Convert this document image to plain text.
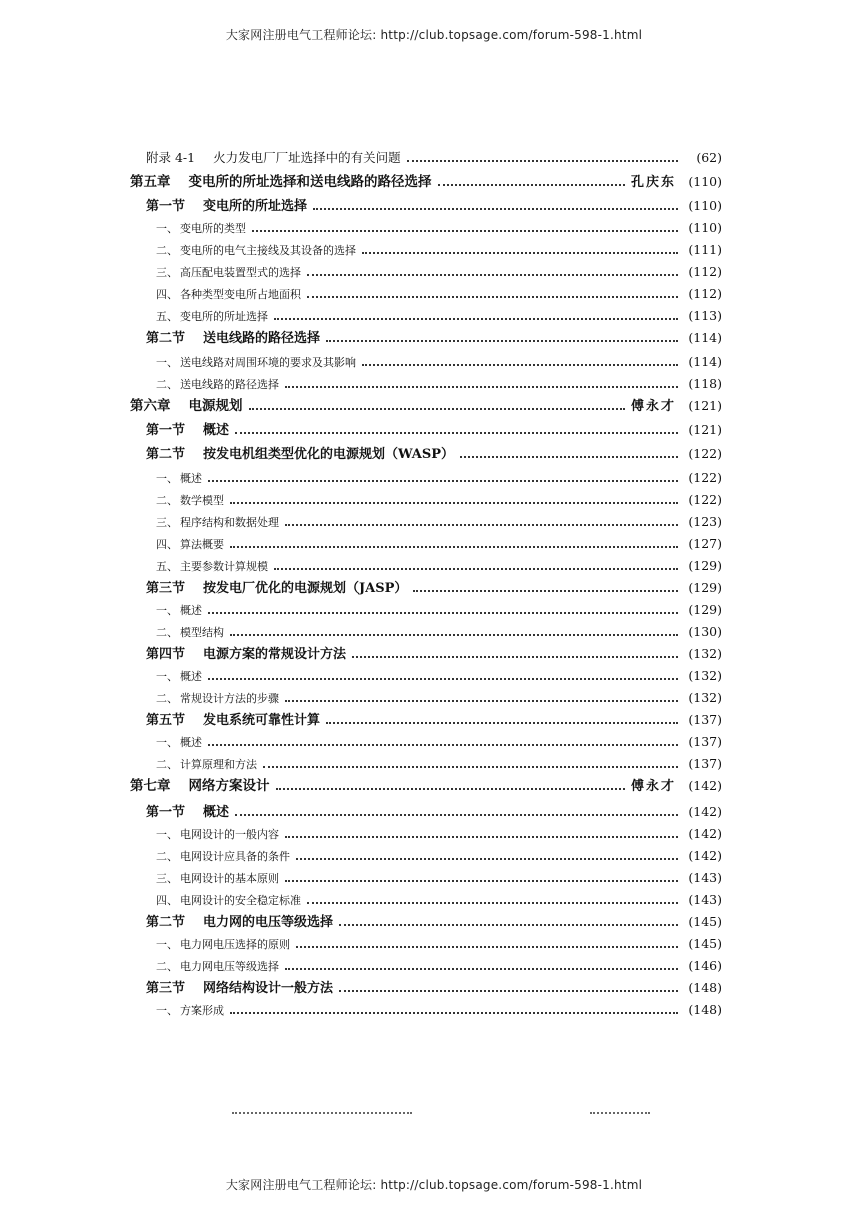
大家网注册电气工程师论坛: http://club.topsage.com/forum-598-1.html
附录 4-1 火力发电厂厂址选择中的有关问题	(62)
第五章 变电所的所址选择和送电线路的路径选择	孔庆东 (110)
第一节 变电所的所址选择	(110)
一、 变电所的类型	(110)
二、 变电所的电气主接线及其设备的选择	(111)
三、 高压配电装置型式的选择	(112)
四、 各种类型变电所占地面积	(112)
五、 变电所的所址选择	(113)
第二节 送电线路的路径选择	(114)
一、 送电线路对周围环境的要求及其影响	(114)
二、 送电线路的路径选择	(118)
第六章 电源规划	傅永才 (121)
第一节 概述	(121)
第二节 按发电机组类型优化的电源规划（WASP）	(122)
一、 概述	(122)
二、 数学模型	(122)
三、 程序结构和数据处理	(123)
四、 算法概要	(127)
五、 主要参数计算规模	(129)
第三节 按发电厂优化的电源规划（JASP）	(129)
一、 概述	(129)
二、 模型结构	(130)
第四节 电源方案的常规设计方法	(132)
一、 概述	(132)
二、 常规设计方法的步骤	(132)
第五节 发电系统可靠性计算	(137)
一、 概述	(137)
二、 计算原理和方法	(137)
第七章 网络方案设计	傅永才 (142)
第一节 概述	(142)
一、 电网设计的一般内容	(142)
二、 电网设计应具备的条件	(142)
三、 电网设计的基本原则	(143)
四、 电网设计的安全稳定标准	(143)
第二节 电力网的电压等级选择	(145)
一、 电力网电压选择的原则	(145)
二、 电力网电压等级选择	(146)
第三节 网络结构设计一般方法	(148)
一、 方案形成	(148)
大家网注册电气工程师论坛: http://club.topsage.com/forum-598-1.html
